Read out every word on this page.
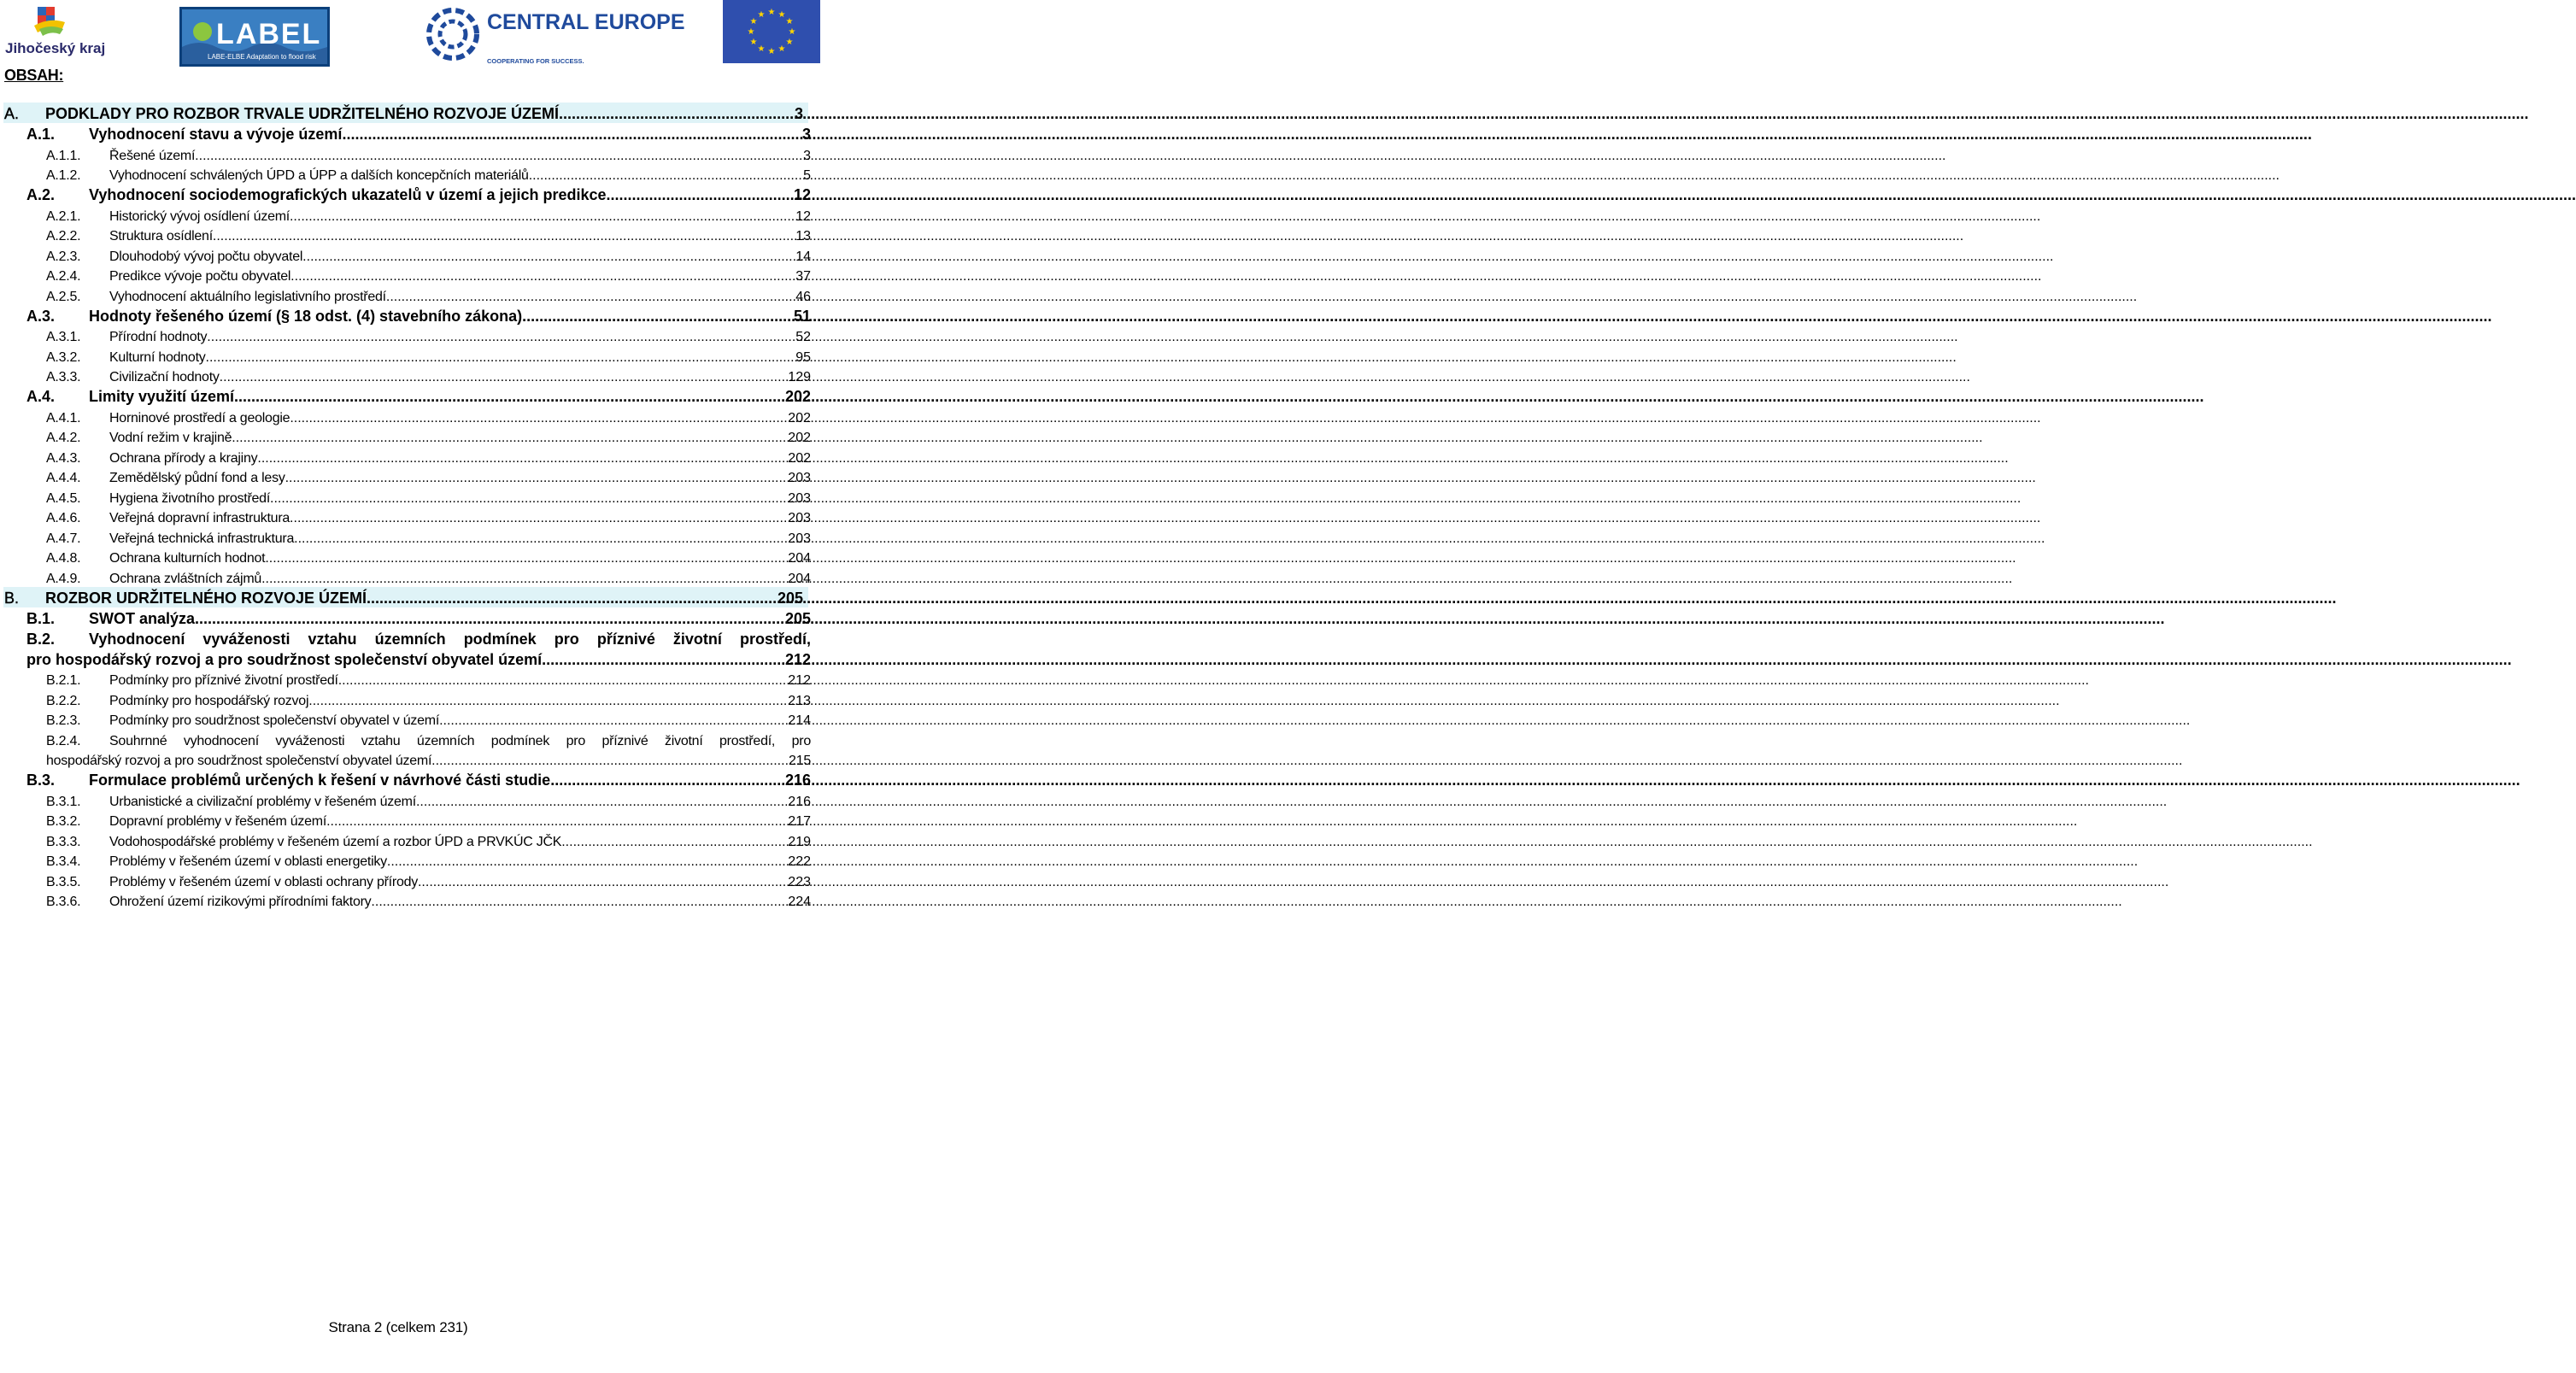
Jihočeský kraj	LABEL
LABE-ELBE Adaptation to flood risk
CENTRAL EUROPE
COOPERATING FOR SUCCESS.
★ ★
★
★
★
★
★
★
★
★
★
★
OBSAH:
A.	PODKLADY PRO ROZBOR TRVALE UDRŽITELNÉHO ROZVOJE ÚZEMÍ .....	3
A.1.	Vyhodnocení stavu a vývoje území .....	3
A.1.1.	Řešené území .....	3
A.1.2.	Vyhodnocení schválených ÚPD a ÚPP a dalších koncepčních materiálů .....	5
A.2.	Vyhodnocení sociodemografických ukazatelů v území a jejich predikce .....	12
A.2.1.	Historický vývoj osídlení území .....	12
A.2.2.	Struktura osídlení .....	13
A.2.3.	Dlouhodobý vývoj počtu obyvatel .....	14
A.2.4.	Predikce vývoje počtu obyvatel .....	37
A.2.5.	Vyhodnocení aktuálního legislativního prostředí .....	46
A.3.	Hodnoty řešeného území (§ 18 odst. (4) stavebního zákona) .....	51
A.3.1.	Přírodní hodnoty .....	52
A.3.2.	Kulturní hodnoty .....	95
A.3.3.	Civilizační hodnoty .....	129
A.4.	Limity využití území .....	202
A.4.1.	Horninové prostředí a geologie .....	202
A.4.2.	Vodní režim v krajině .....	202
A.4.3.	Ochrana přírody a krajiny .....	202
A.4.4.	Zemědělský půdní fond a lesy .....	203
A.4.5.	Hygiena životního prostředí .....	203
A.4.6.	Veřejná dopravní infrastruktura .....	203
A.4.7.	Veřejná technická infrastruktura .....	203
A.4.8.	Ochrana kulturních hodnot .....	204
A.4.9.	Ochrana zvláštních zájmů .....	204
B.	ROZBOR UDRŽITELNÉHO ROZVOJE ÚZEMÍ .....	205
B.1.	SWOT analýza .....	205
B.2.	Vyhodnocení vyváženosti vztahu územních podmínek pro příznivé životní prostředí,
pro hospodářský rozvoj a pro soudržnost společenství obyvatel území .....	212
B.2.1.	Podmínky pro příznivé životní prostředí .....	212
B.2.2.	Podmínky pro hospodářský rozvoj .....	213
B.2.3.	Podmínky pro soudržnost společenství obyvatel v území .....	214
B.2.4.	Souhrnné vyhodnocení vyváženosti vztahu územních podmínek pro příznivé životní prostředí, pro
hospodářský rozvoj a pro soudržnost společenství obyvatel území .....	215
B.3.	Formulace problémů určených k řešení v návrhové části studie .....	216
B.3.1.	Urbanistické a civilizační problémy v řešeném území .....	216
B.3.2.	Dopravní problémy v řešeném území .....	217
B.3.3.	Vodohospodářské problémy v řešeném území a rozbor ÚPD a PRVKÚC JČK .....	219
B.3.4.	Problémy v řešeném území v oblasti energetiky .....	222
B.3.5.	Problémy v řešeném území v oblasti ochrany přírody .....	223
B.3.6.	Ohrožení území rizikovými přírodními faktory .....	224
Strana 2 (celkem 231)
